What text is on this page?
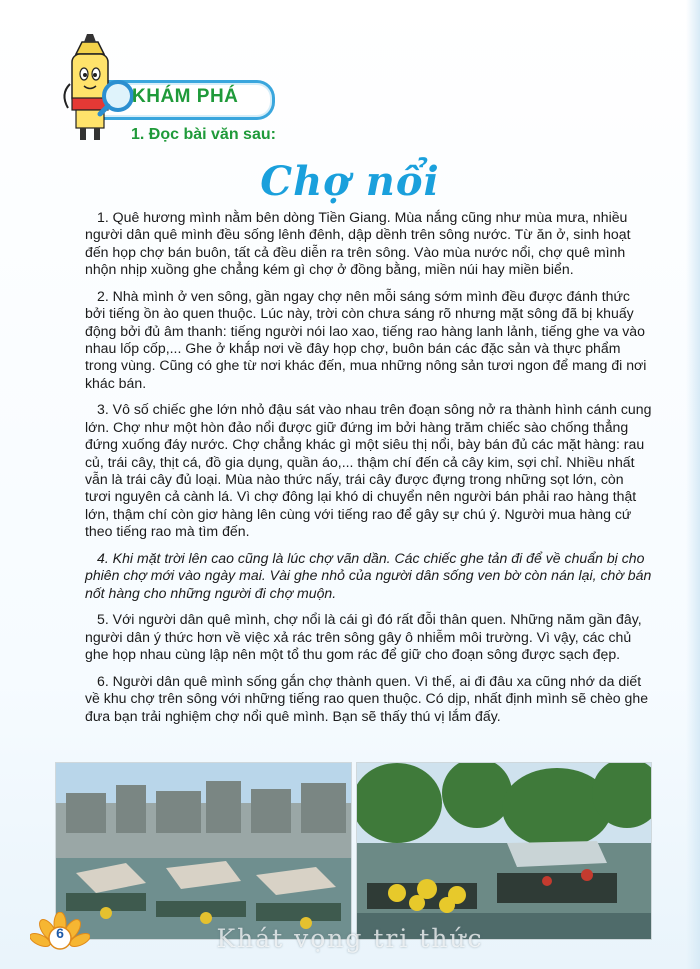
KHÁM PHÁ
1. Đọc bài văn sau:
Chợ nổi

1. Quê hương mình nằm bên dòng Tiền Giang. Mùa nắng cũng như mùa mưa, nhiều người dân quê mình đều sống lênh đênh, dập dềnh trên sông nước. Từ ăn ở, sinh hoạt đến họp chợ bán buôn, tất cả đều diễn ra trên sông. Vào mùa nước nổi, chợ quê mình nhộn nhịp xuồng ghe chẳng kém gì chợ ở đồng bằng, miền núi hay miền biển.

2. Nhà mình ở ven sông, gần ngay chợ nên mỗi sáng sớm mình đều được đánh thức bởi tiếng ồn ào quen thuộc. Lúc này, trời còn chưa sáng rõ nhưng mặt sông đã bị khuấy động bởi đủ âm thanh: tiếng người nói lao xao, tiếng rao hàng lanh lảnh, tiếng ghe va vào nhau lốp cốp,... Ghe ở khắp nơi về đây họp chợ, buôn bán các đặc sản và thực phẩm trong vùng. Cũng có ghe từ nơi khác đến, mua những nông sản tươi ngon để mang đi nơi khác bán.

3. Vô số chiếc ghe lớn nhỏ đậu sát vào nhau trên đoạn sông nở ra thành hình cánh cung lớn. Chợ như một hòn đảo nổi được giữ đứng im bởi hàng trăm chiếc sào chống thẳng đứng xuống đáy nước. Chợ chẳng khác gì một siêu thị nổi, bày bán đủ các mặt hàng: rau củ, trái cây, thịt cá, đồ gia dụng, quần áo,... thậm chí đến cả cây kim, sợi chỉ. Nhiều nhất vẫn là trái cây đủ loại. Mùa nào thức nấy, trái cây được đựng trong những sọt lớn, còn tươi nguyên cả cành lá. Vì chợ đông lại khó di chuyển nên người bán phải rao hàng thật lớn, thậm chí còn giơ hàng lên cùng với tiếng rao để gây sự chú ý. Người mua hàng cứ theo tiếng rao mà tìm đến.

4. Khi mặt trời lên cao cũng là lúc chợ vãn dần. Các chiếc ghe tản đi để về chuẩn bị cho phiên chợ mới vào ngày mai. Vài ghe nhỏ của người dân sống ven bờ còn nán lại, chờ bán nốt hàng cho những người đi chợ muộn.

5. Với người dân quê mình, chợ nổi là cái gì đó rất đỗi thân quen. Những năm gần đây, người dân ý thức hơn về việc xả rác trên sông gây ô nhiễm môi trường. Vì vậy, các chủ ghe họp nhau cùng lập nên một tổ thu gom rác để giữ cho đoạn sông được sạch đẹp.

6. Người dân quê mình sống gắn chợ thành quen. Vì thế, ai đi đâu xa cũng nhớ da diết về khu chợ trên sông với những tiếng rao quen thuộc. Có dịp, nhất định mình sẽ chèo ghe đưa bạn trải nghiệm chợ nổi quê mình. Bạn sẽ thấy thú vị lắm đấy.

Khát vọng tri thức
6
